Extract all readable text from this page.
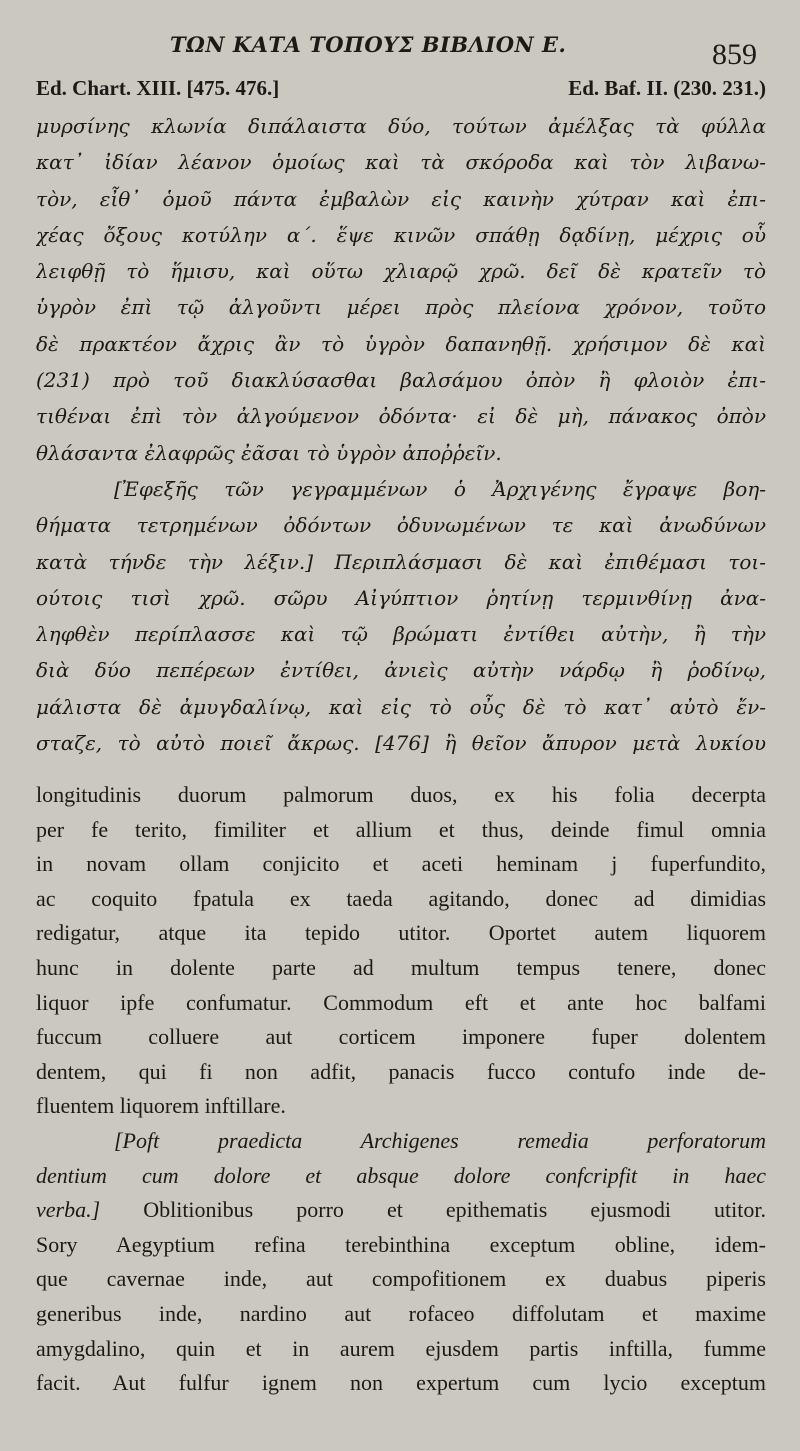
ΤΩΝ ΚΑΤΑ ΤΟΠΟΥΣ ΒΙΒΛΙΟΝ Ε.	859
Ed. Chart. XIII. [475. 476.]	Ed. Baf. II. (230. 231.)
μυρσίνης κλωνία διπάλαιστα δύο, τούτων ἀμέλξας τὰ φύλλα
κατ᾽ ἰδίαν λέανον ὁμοίως καὶ τὰ σκόροδα καὶ τὸν λιβανω-
τὸν, εἶθ᾽ ὁμοῦ πάντα ἐμβαλὼν εἰς καινὴν χύτραν καὶ ἐπι-
χέας ὄξους κοτύλην α΄. ἕψε κινῶν σπάθῃ δᾳδίνῃ, μέχρις οὗ
λειφθῇ τὸ ἥμισυ, καὶ οὕτω χλιαρῷ χρῶ. δεῖ δὲ κρατεῖν τὸ
ὑγρὸν ἐπὶ τῷ ἀλγοῦντι μέρει πρὸς πλείονα χρόνον, τοῦτο
δὲ πρακτέον ἄχρις ἂν τὸ ὑγρὸν δαπανηθῇ. χρήσιμον δὲ καὶ
(231) πρὸ τοῦ διακλύσασθαι βαλσάμου ὀπὸν ἢ φλοιὸν ἐπι-
τιθέναι ἐπὶ τὸν ἀλγούμενον ὀδόντα· εἰ δὲ μὴ, πάνακος ὀπὸν
θλάσαντα ἐλαφρῶς ἐᾶσαι τὸ ὑγρὸν ἀποῤῥεῖν.
[Ἐφεξῆς τῶν γεγραμμένων ὁ Ἀρχιγένης ἔγραψε βοη-
θήματα τετρημένων ὀδόντων ὀδυνωμένων τε καὶ ἀνωδύνων
κατὰ τήνδε τὴν λέξιν.] Περιπλάσμασι δὲ καὶ ἐπιθέμασι τοι-
ούτοις τισὶ χρῶ. σῶρυ Αἰγύπτιον ῥητίνῃ τερμινθίνῃ ἀνα-
ληφθὲν περίπλασσε καὶ τῷ βρώματι ἐντίθει αὐτὴν, ἢ τὴν
διὰ δύο πεπέρεων ἐντίθει, ἀνιεὶς αὐτὴν νάρδῳ ἢ ῥοδίνῳ,
μάλιστα δὲ ἀμυγδαλίνῳ, καὶ εἰς τὸ οὖς δὲ τὸ κατ᾽ αὐτὸ ἔν-
σταζε, τὸ αὐτὸ ποιεῖ ἄκρως. [476] ἢ θεῖον ἄπυρον μετὰ λυκίου
longitudinis duorum palmorum duos, ex his folia decerpta
per fe terito, fimiliter et allium et thus, deinde fimul omnia
in novam ollam conjicito et aceti heminam j fuperfundito,
ac coquito fpatula ex taeda agitando, donec ad dimidias
redigatur, atque ita tepido utitor. Oportet autem liquorem
hunc in dolente parte ad multum tempus tenere, donec
liquor ipfe confumatur. Commodum eft et ante hoc balfami
fuccum colluere aut corticem imponere fuper dolentem
dentem, qui fi non adfit, panacis fucco contufo inde de-
fluentem liquorem inftillare.
[Poft praedicta Archigenes remedia perforatorum
dentium cum dolore et absque dolore confcripfit in haec
verba.] Oblitionibus porro et epithematis ejusmodi utitor.
Sory Aegyptium refina terebinthina exceptum obline, idem-
que cavernae inde, aut compofitionem ex duabus piperis
generibus inde, nardino aut rofaceo diffolutam et maxime
amygdalino, quin et in aurem ejusdem partis inftilla, fumme
facit. Aut fulfur ignem non expertum cum lycio exceptum
